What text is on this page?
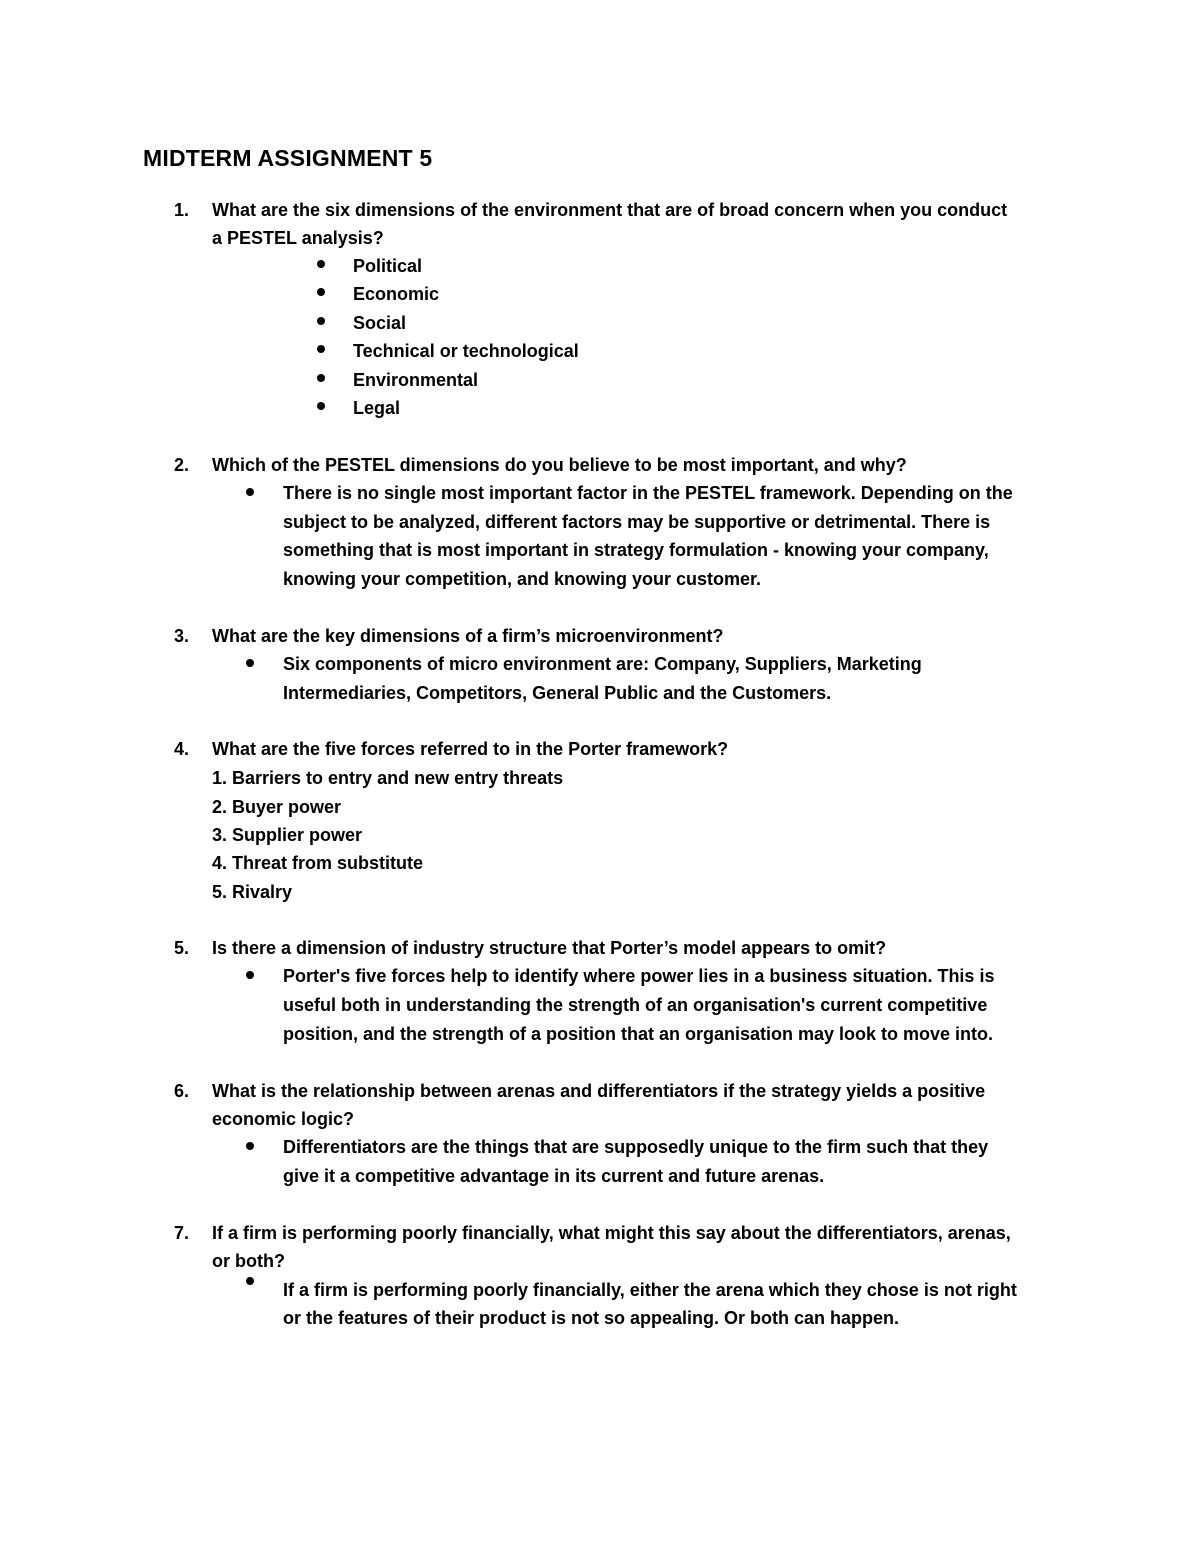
MIDTERM ASSIGNMENT 5
1. What are the six dimensions of the environment that are of broad concern when you conduct
a PESTEL analysis?
Political
Economic
Social
Technical or technological
Environmental
Legal
2. Which of the PESTEL dimensions do you believe to be most important, and why?
There is no single most important factor in the PESTEL framework. Depending on the
subject to be analyzed, different factors may be supportive or detrimental. There is
something that is most important in strategy formulation - knowing your company,
knowing your competition, and knowing your customer.
3. What are the key dimensions of a firm’s microenvironment?
Six components of micro environment are: Company, Suppliers, Marketing
Intermediaries, Competitors, General Public and the Customers.
4. What are the five forces referred to in the Porter framework?
1. Barriers to entry and new entry threats
2. Buyer power
3. Supplier power
4. Threat from substitute
5. Rivalry
5. Is there a dimension of industry structure that Porter’s model appears to omit?
Porter's five forces help to identify where power lies in a business situation. This is
useful both in understanding the strength of an organisation's current competitive
position, and the strength of a position that an organisation may look to move into.
6. What is the relationship between arenas and differentiators if the strategy yields a positive
economic logic?
Differentiators are the things that are supposedly unique to the firm such that they
give it a competitive advantage in its current and future arenas.
7. If a firm is performing poorly financially, what might this say about the differentiators, arenas,
or both?
If a firm is performing poorly financially, either the arena which they chose is not right
or the features of their product is not so appealing. Or both can happen.
